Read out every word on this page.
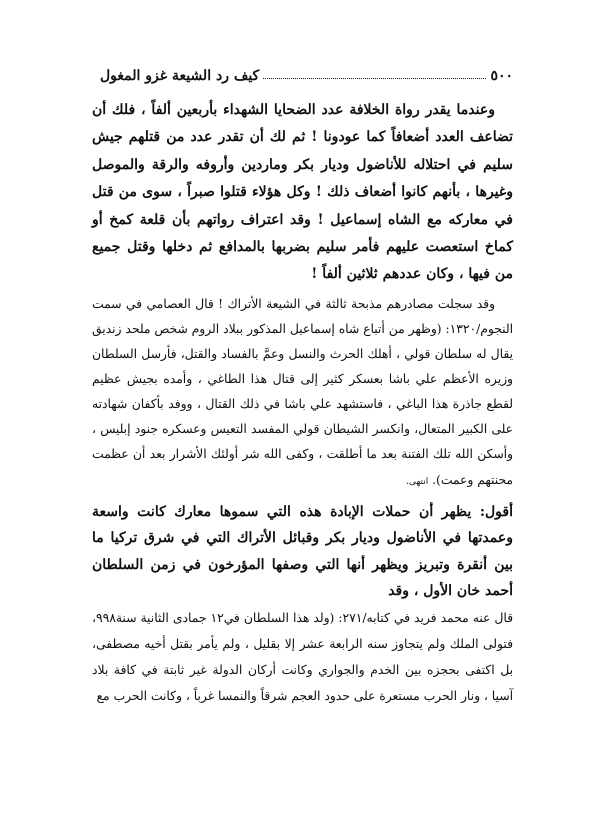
٥٠٠
كيف رد الشيعة غزو المغول

وعندما يقدر رواة الخلافة عدد الضحايا الشهداء بأربعين ألفاً ، فلك أن تضاعف العدد أضعافاً كما عودونا ! ثم لك أن تقدر عدد من قتلهم جيش سليم في احتلاله للأناضول وديار بكر وماردين وأروفه والرقة والموصل وغيرها ، بأنهم كانوا أضعاف ذلك ! وكل هؤلاء قتلوا صبراً ، سوى من قتل في معاركه مع الشاه إسماعيل ! وقد اعتراف رواتهم بأن قلعة كمخ أو كماخ استعصت عليهم فأمر سليم بضربها بالمدافع ثم دخلها وقتل جميع من فيها ، وكان عددهم ثلاثين ألفاً !

وقد سجلت مصادرهم مذبحة ثالثة في الشيعة الأتراك ! قال العصامي في سمت النجوم/١٣٢٠: (وظهر من أتباع شاه إسماعيل المذكور ببلاد الروم شخص ملحد زنديق يقال له سلطان قولي ، أهلك الحرث والنسل وعمَّ بالفساد والقتل، فأرسل السلطان وزيره الأعظم علي باشا بعسكر كثير إلى قتال هذا الطاغي ، وأمده بجيش عظيم لقطع جاذرة هذا الباغي ، فاستشهد علي باشا في ذلك القتال ، ووفد بأكفان شهادته على الكبير المتعال، وانكسر الشيطان قولي المفسد التعيس وعسكره جنود إبليس ، وأسكن الله تلك الفتنة بعد ما أطلقت ، وكفى الله شر أولئك الأشرار بعد أن عظمت محنتهم وعمت). انتهى.

أقول: يظهر أن حملات الإبادة هذه التي سموها معارك كانت واسعة وعمدتها في الأناضول وديار بكر وقبائل الأتراك التي في شرق تركيا ما بين أنقرة وتبريز ويظهر أنها التي وصفها المؤرخون في زمن السلطان أحمد خان الأول ، وقد

قال عنه محمد فريد في كتابه/٢٧١: (ولد هذا السلطان في١٢ جمادى الثانية سنة٩٩٨، فتولى الملك ولم يتجاوز سنه الرابعة عشر إلا بقليل ، ولم يأمر بقتل أخيه مصطفى، بل اكتفى بحجزه بين الخدم والجواري وكانت أركان الدولة غير ثابتة في كافة بلاد آسيا ، ونار الحرب مستعرة على حدود العجم شرقاً والنمسا غرباً ، وكانت الحرب مع
